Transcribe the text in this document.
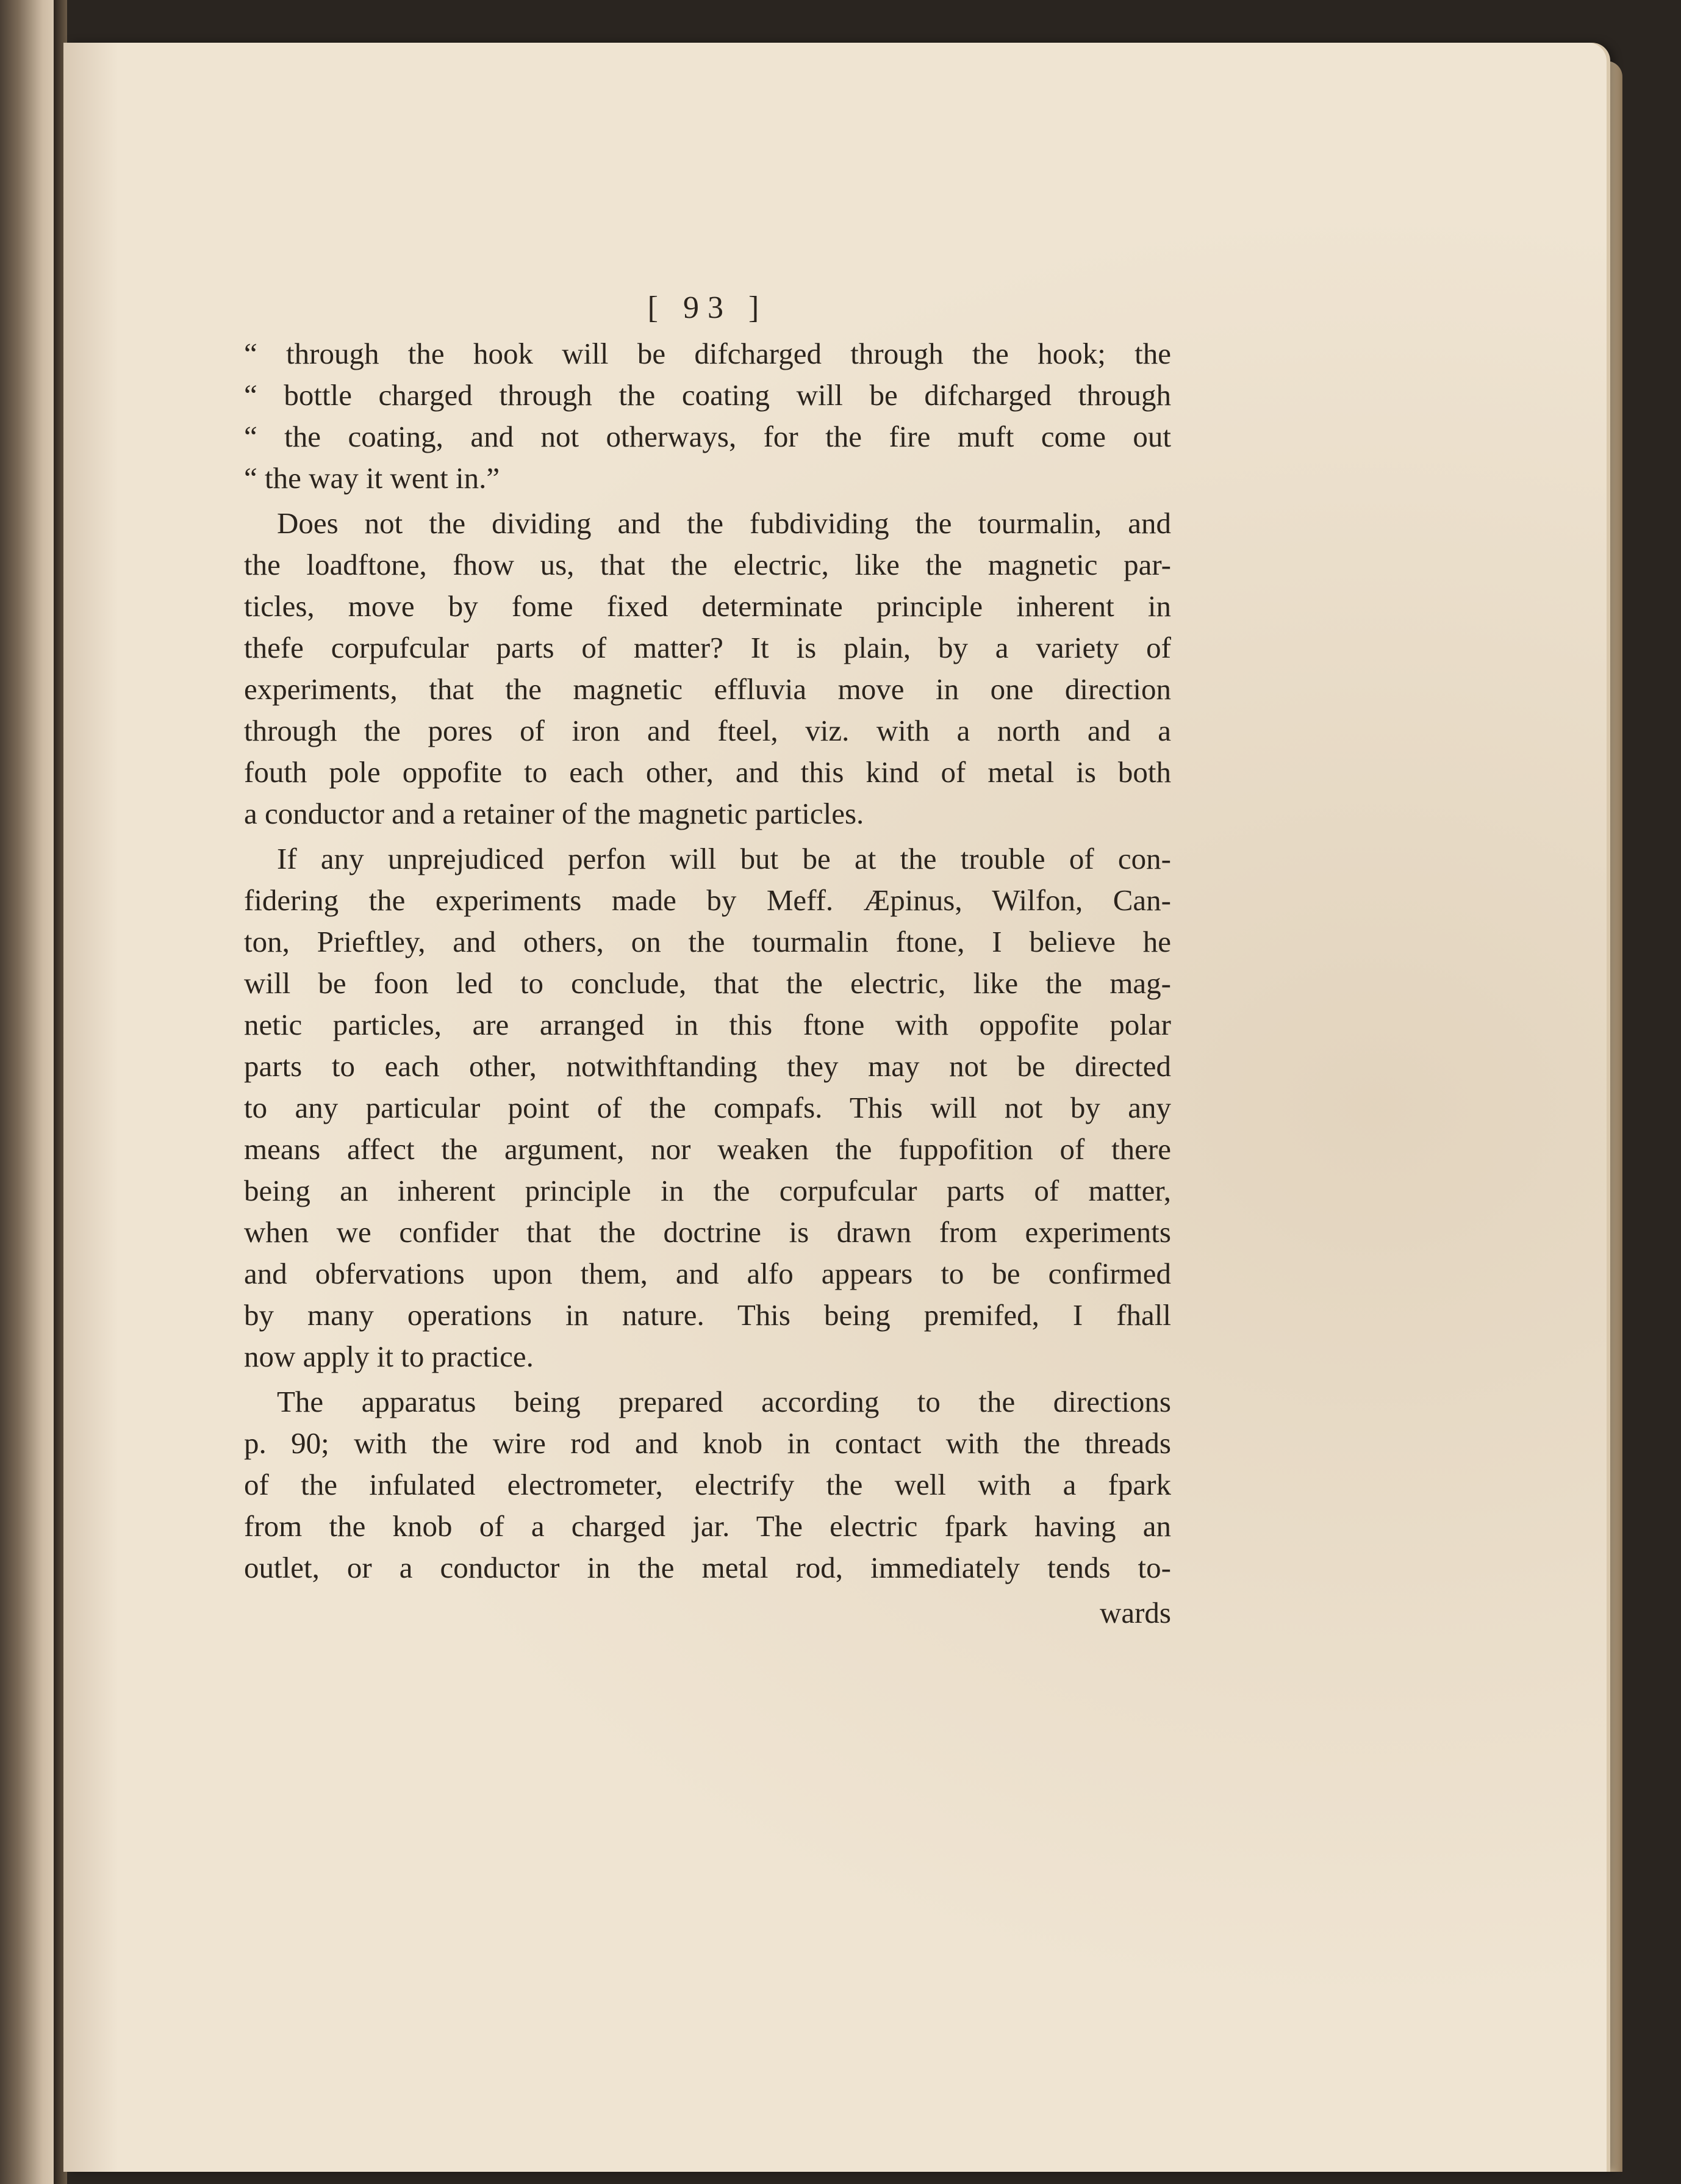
[ 93 ]
“ through the hook will be difcharged through the hook; the
“ bottle charged through the coating will be difcharged through
“ the coating, and not otherways, for the fire muft come out
“ the way it went in.”
Does not the dividing and the fubdividing the tourmalin, and
the loadftone, fhow us, that the electric, like the magnetic par-
ticles, move by fome fixed determinate principle inherent in
thefe corpufcular parts of matter? It is plain, by a variety of
experiments, that the magnetic effluvia move in one direction
through the pores of iron and fteel, viz. with a north and a
fouth pole oppofite to each other, and this kind of metal is both
a conductor and a retainer of the magnetic particles.
If any unprejudiced perfon will but be at the trouble of con-
fidering the experiments made by Meff. Æpinus, Wilfon, Can-
ton, Prieftley, and others, on the tourmalin ftone, I believe he
will be foon led to conclude, that the electric, like the mag-
netic particles, are arranged in this ftone with oppofite polar
parts to each other, notwithftanding they may not be directed
to any particular point of the compafs. This will not by any
means affect the argument, nor weaken the fuppofition of there
being an inherent principle in the corpufcular parts of matter,
when we confider that the doctrine is drawn from experiments
and obfervations upon them, and alfo appears to be confirmed
by many operations in nature. This being premifed, I fhall
now apply it to practice.
The apparatus being prepared according to the directions
p. 90; with the wire rod and knob in contact with the threads
of the infulated electrometer, electrify the well with a fpark
from the knob of a charged jar. The electric fpark having an
outlet, or a conductor in the metal rod, immediately tends to-
wards
